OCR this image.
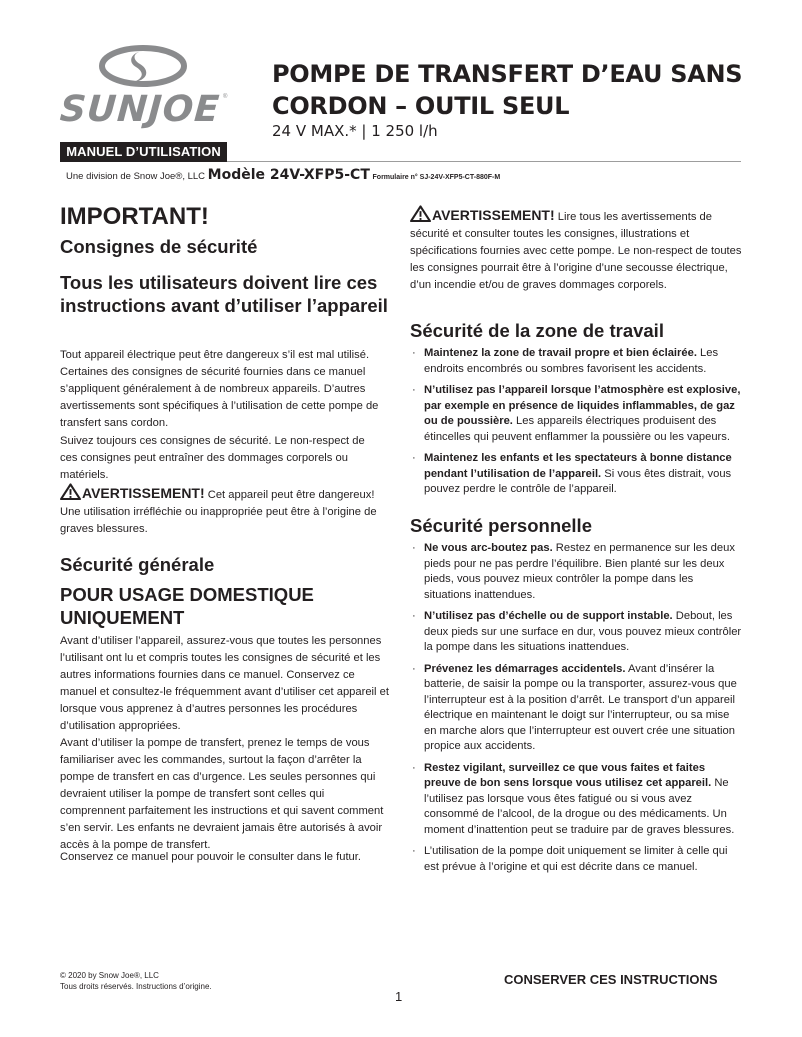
SUNJOE ®
MANUEL D’UTILISATION
POMPE DE TRANSFERT D’EAU SANS
CORDON – OUTIL SEUL
24 V MAX.* | 1 250 l/h
Une division de Snow Joe®, LLC Modèle 24V-XFP5-CT Formulaire n° SJ-24V-XFP5-CT-880F-M
IMPORTANT!
Consignes de sécurité
Tous les utilisateurs doivent lire ces instructions avant d’utiliser l’appareil

Tout appareil électrique peut être dangereux s’il est mal utilisé. Certaines des consignes de sécurité fournies dans ce manuel s’appliquent généralement à de nombreux appareils. D’autres avertissements sont spécifiques à l’utilisation de cette pompe de transfert sans cordon.

Suivez toujours ces consignes de sécurité. Le non-respect de ces consignes peut entraîner des dommages corporels ou matériels.

AVERTISSEMENT! Cet appareil peut être dangereux! Une utilisation irréfléchie ou inappropriée peut être à l’origine de graves blessures.

Sécurité générale
POUR USAGE DOMESTIQUE UNIQUEMENT

Avant d’utiliser l’appareil, assurez-vous que toutes les personnes l’utilisant ont lu et compris toutes les consignes de sécurité et les autres informations fournies dans ce manuel. Conservez ce manuel et consultez-le fréquemment avant d’utiliser cet appareil et lorsque vous apprenez à d’autres personnes les procédures d’utilisation appropriées.

Avant d’utiliser la pompe de transfert, prenez le temps de vous familiariser avec les commandes, surtout la façon d’arrêter la pompe de transfert en cas d’urgence. Les seules personnes qui devraient utiliser la pompe de transfert sont celles qui comprennent parfaitement les instructions et qui savent comment s’en servir. Les enfants ne devraient jamais être autorisés à avoir accès à la pompe de transfert.

Conservez ce manuel pour pouvoir le consulter dans le futur.

AVERTISSEMENT! Lire tous les avertissements de sécurité et consulter toutes les consignes, illustrations et spécifications fournies avec cette pompe. Le non-respect de toutes les consignes pourrait être à l’origine d’une secousse électrique, d’un incendie et/ou de graves dommages corporels.

Sécurité de la zone de travail
· Maintenez la zone de travail propre et bien éclairée. Les endroits encombrés ou sombres favorisent les accidents.
· N’utilisez pas l’appareil lorsque l’atmosphère est explosive, par exemple en présence de liquides inflammables, de gaz ou de poussière. Les appareils électriques produisent des étincelles qui peuvent enflammer la poussière ou les vapeurs.
· Maintenez les enfants et les spectateurs à bonne distance pendant l’utilisation de l’appareil. Si vous êtes distrait, vous pouvez perdre le contrôle de l’appareil.
Sécurité personnelle
· Ne vous arc-boutez pas. Restez en permanence sur les deux pieds pour ne pas perdre l’équilibre. Bien planté sur les deux pieds, vous pouvez mieux contrôler la pompe dans les situations inattendues.
· N’utilisez pas d’échelle ou de support instable. Debout, les deux pieds sur une surface en dur, vous pouvez mieux contrôler la pompe dans les situations inattendues.
· Prévenez les démarrages accidentels. Avant d’insérer la batterie, de saisir la pompe ou la transporter, assurez-vous que l’interrupteur est à la position d’arrêt. Le transport d’un appareil électrique en maintenant le doigt sur l’interrupteur, ou sa mise en marche alors que l’interrupteur est ouvert crée une situation propice aux accidents.
· Restez vigilant, surveillez ce que vous faites et faites preuve de bon sens lorsque vous utilisez cet appareil. Ne l’utilisez pas lorsque vous êtes fatigué ou si vous avez consommé de l’alcool, de la drogue ou des médicaments. Un moment d’inattention peut se traduire par de graves blessures.
· L’utilisation de la pompe doit uniquement se limiter à celle qui est prévue à l’origine et qui est décrite dans ce manuel.
© 2020 by Snow Joe®, LLC
Tous droits réservés. Instructions d’origine.	CONSERVER CES INSTRUCTIONS
1
